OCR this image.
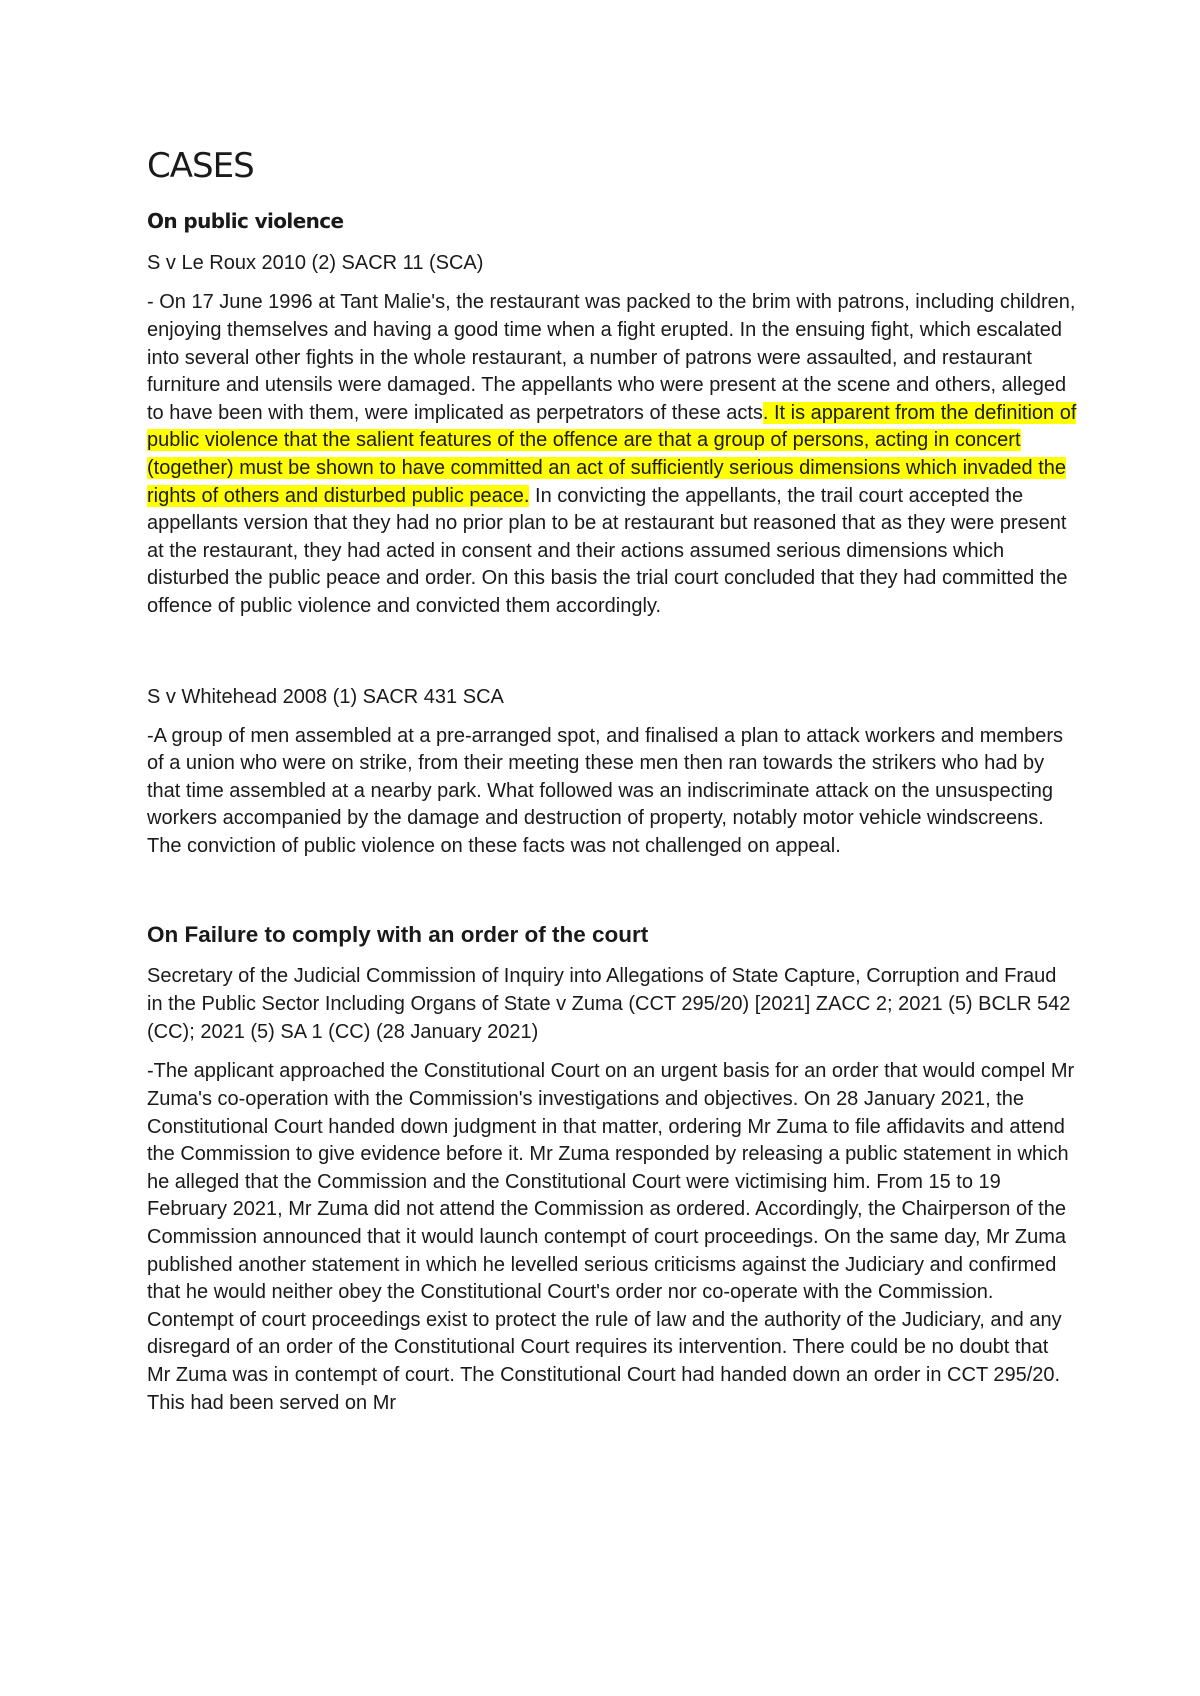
CASES
On public violence

S v Le Roux 2010 (2) SACR 11 (SCA)

- On 17 June 1996 at Tant Malie's, the restaurant was packed to the brim with patrons, including children, enjoying themselves and having a good time when a fight erupted. In the ensuing fight, which escalated into several other fights in the whole restaurant, a number of patrons were assaulted, and restaurant furniture and utensils were damaged. The appellants who were present at the scene and others, alleged to have been with them, were implicated as perpetrators of these acts. It is apparent from the definition of public violence that the salient features of the offence are that a group of persons, acting in concert (together) must be shown to have committed an act of sufficiently serious dimensions which invaded the rights of others and disturbed public peace. In convicting the appellants, the trail court accepted the appellants version that they had no prior plan to be at restaurant but reasoned that as they were present at the restaurant, they had acted in consent and their actions assumed serious dimensions which disturbed the public peace and order. On this basis the trial court concluded that they had committed the offence of public violence and convicted them accordingly.

S v Whitehead 2008 (1) SACR 431 SCA

-A group of men assembled at a pre-arranged spot, and finalised a plan to attack workers and members of a union who were on strike, from their meeting these men then ran towards the strikers who had by that time assembled at a nearby park. What followed was an indiscriminate attack on the unsuspecting workers accompanied by the damage and destruction of property, notably motor vehicle windscreens. The conviction of public violence on these facts was not challenged on appeal.

On Failure to comply with an order of the court

Secretary of the Judicial Commission of Inquiry into Allegations of State Capture, Corruption and Fraud in the Public Sector Including Organs of State v Zuma (CCT 295/20) [2021] ZACC 2; 2021 (5) BCLR 542 (CC); 2021 (5) SA 1 (CC) (28 January 2021)

-The applicant approached the Constitutional Court on an urgent basis for an order that would compel Mr Zuma's co-operation with the Commission's investigations and objectives. On 28 January 2021, the Constitutional Court handed down judgment in that matter, ordering Mr Zuma to file affidavits and attend the Commission to give evidence before it. Mr Zuma responded by releasing a public statement in which he alleged that the Commission and the Constitutional Court were victimising him. From 15 to 19 February 2021, Mr Zuma did not attend the Commission as ordered. Accordingly, the Chairperson of the Commission announced that it would launch contempt of court proceedings. On the same day, Mr Zuma published another statement in which he levelled serious criticisms against the Judiciary and confirmed that he would neither obey the Constitutional Court's order nor co-operate with the Commission. Contempt of court proceedings exist to protect the rule of law and the authority of the Judiciary, and any disregard of an order of the Constitutional Court requires its intervention. There could be no doubt that Mr Zuma was in contempt of court. The Constitutional Court had handed down an order in CCT 295/20. This had been served on Mr
